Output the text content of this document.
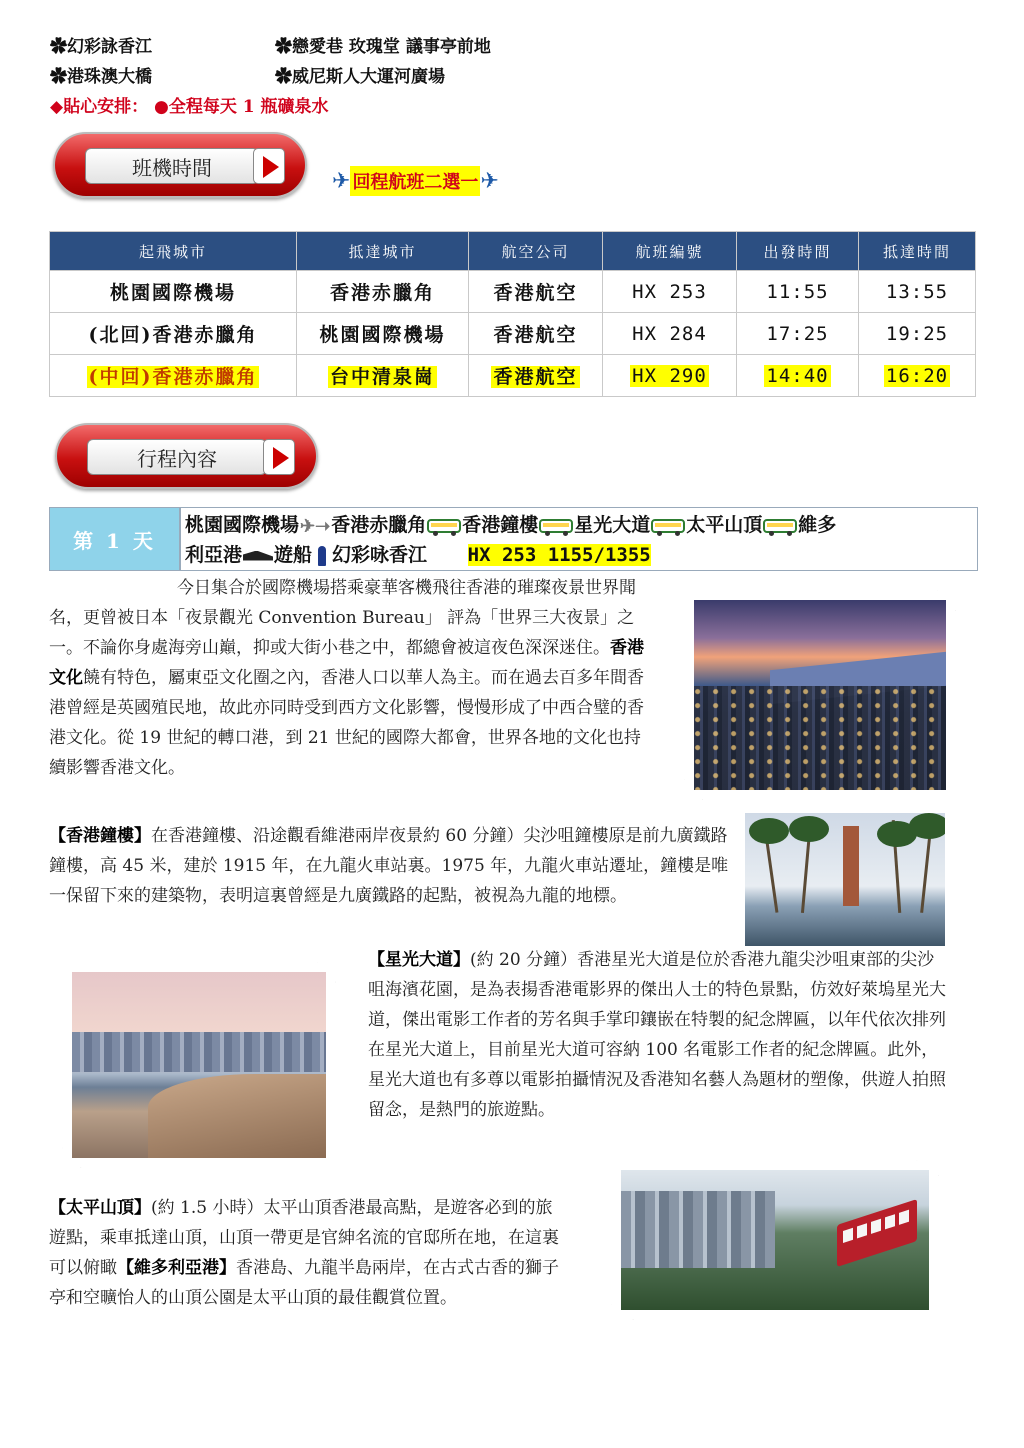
✿幻彩詠香江	✿戀愛巷 玫瑰堂 議事亭前地
✿港珠澳大橋	✿威尼斯人大運河廣場
◆貼心安排： ●全程每天 1 瓶礦泉水
班機時間
✈ 回程航班二選一 ✈
起飛城市	抵達城市	航空公司	航班編號	出發時間	抵達時間
桃園國際機場	香港赤臘角	香港航空	HX 253	11:55	13:55
(北回)香港赤臘角	桃園國際機場	香港航空	HX 284	17:25	19:25
(中回)香港赤臘角	台中清泉崗	香港航空	HX 290	14:40	16:20
行程內容
第 1 天
桃園國際機場✈➝香港赤臘角 香港鐘樓 星光大道 太平山頂 維多
利亞港 遊船 幻彩咏香江 HX 253 1155/1355
今日集合於國際機場搭乘豪華客機飛往香港的璀璨夜景世界聞名，更曾被日本「夜景觀光 Convention Bureau」 評為「世界三大夜景」之一。不論你身處海旁山巔，抑或大街小巷之中，都總會被這夜色深深迷住。香港文化饒有特色，屬東亞文化圈之內，香港人口以華人為主。而在過去百多年間香港曾經是英國殖民地，故此亦同時受到西方文化影響，慢慢形成了中西合璧的香港文化。從 19 世紀的轉口港，到 21 世紀的國際大都會，世界各地的文化也持續影響香港文化。
【香港鐘樓】在香港鐘樓、沿途觀看維港兩岸夜景約 60 分鐘）尖沙咀鐘樓原是前九廣鐵路鐘樓，高 45 米，建於 1915 年，在九龍火車站裏。1975 年，九龍火車站遷址，鐘樓是唯一保留下來的建築物，表明這裏曾經是九廣鐵路的起點，被視為九龍的地標。
【星光大道】(約 20 分鐘）香港星光大道是位於香港九龍尖沙咀東部的尖沙咀海濱花園，是為表揚香港電影界的傑出人士的特色景點，仿效好萊塢星光大道，傑出電影工作者的芳名與手掌印鑲嵌在特製的紀念牌匾，以年代依次排列在星光大道上，目前星光大道可容納 100 名電影工作者的紀念牌匾。此外，星光大道也有多尊以電影拍攝情況及香港知名藝人為題材的塑像，供遊人拍照留念，是熱門的旅遊點。
【太平山頂】(約 1.5 小時）太平山頂香港最高點，是遊客必到的旅遊點，乘車抵達山頂，山頂一帶更是官紳名流的官邸所在地，在這裏可以俯瞰【維多利亞港】香港島、九龍半島兩岸，在古式古香的獅子亭和空曠怡人的山頂公園是太平山頂的最佳觀賞位置。
